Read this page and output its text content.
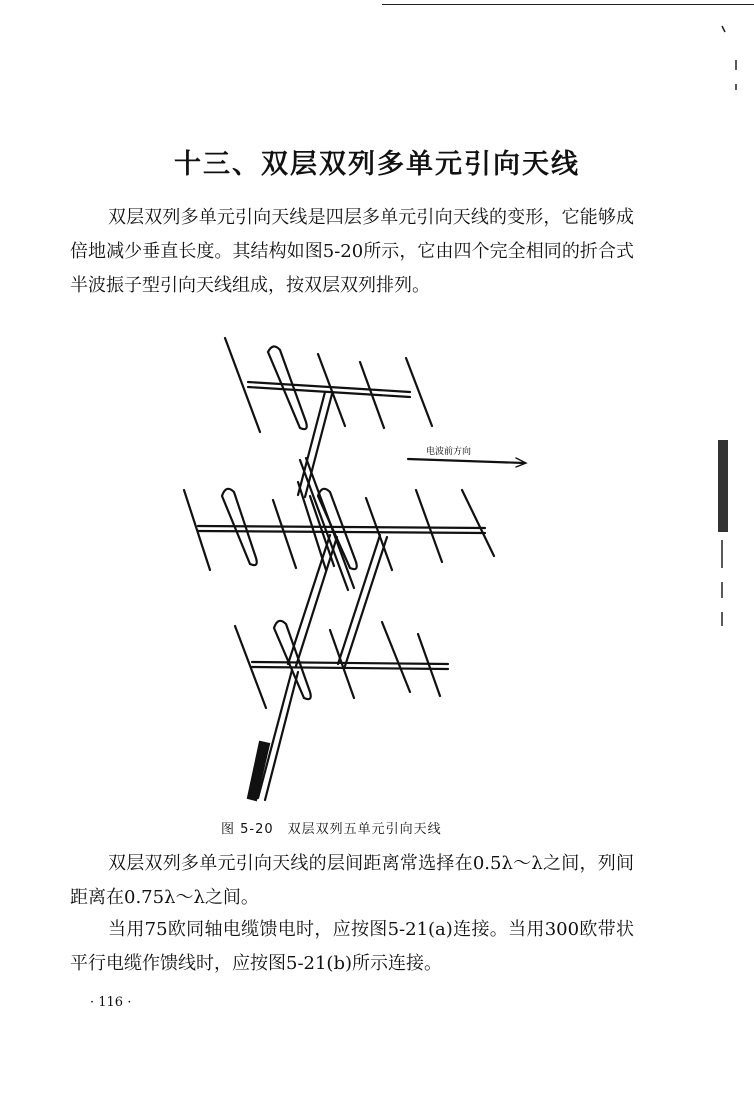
十三、双层双列多单元引向天线

双层双列多单元引向天线是四层多单元引向天线的变形，它能够成倍地减少垂直长度。其结构如图5-20所示，它由四个完全相同的折合式半波振子型引向天线组成，按双层双列排列。

电波前方向

图 5-20　双层双列五单元引向天线

双层双列多单元引向天线的层间距离常选择在0.5λ～λ之间，列间距离在0.75λ～λ之间。

当用75欧同轴电缆馈电时，应按图5-21(a)连接。当用300欧带状平行电缆作馈线时，应按图5-21(b)所示连接。

· 116 ·
